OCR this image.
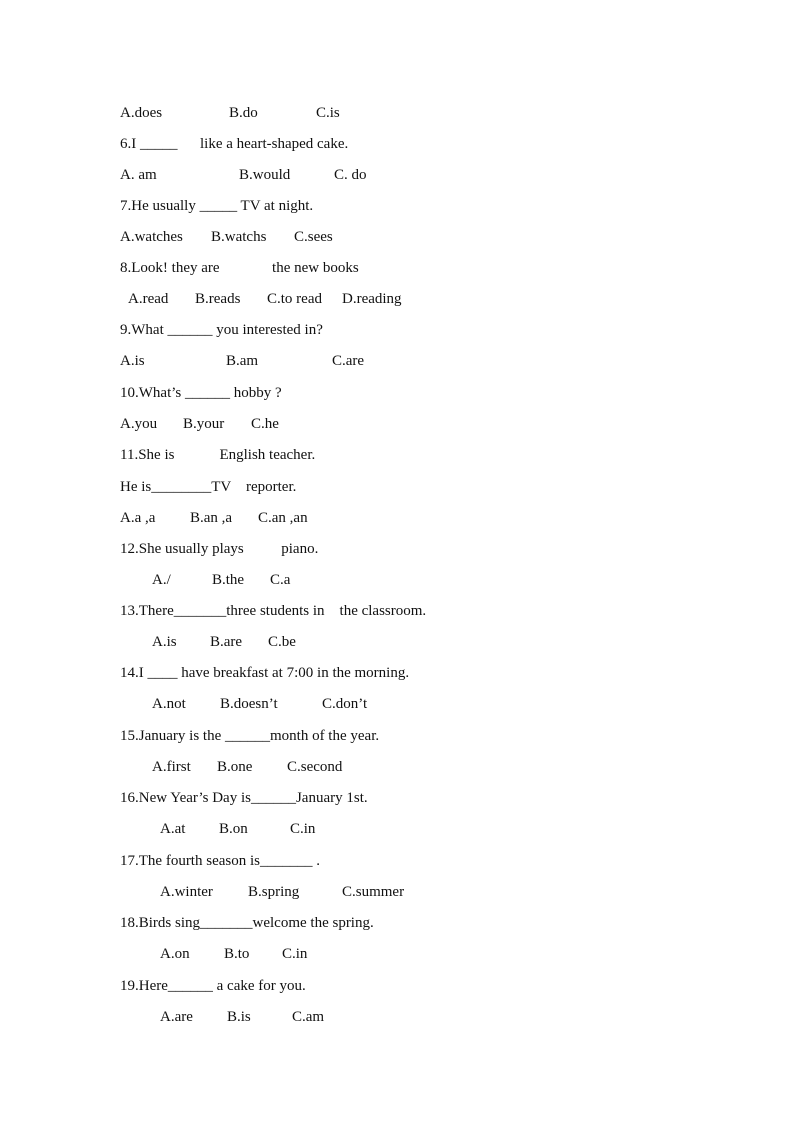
A.does	B.do	C.is
6.I _____      like a heart-shaped cake.
A. am	B.would	C. do
7.He usually _____ TV at night.
A.watches B.watchs C.sees
8.Look! they are              the new books
A.read B.reads C.to read D.reading
9.What ______ you interested in?
A.is	B.am	C.are
10.What’s ______ hobby ?
A.you B.your C.he
11.She is            English teacher.
He is________TV    reporter.
A.a ,a B.an ,a C.an ,an
12.She usually plays          piano.
A./	B.the C.a
13.There_______three students in    the classroom.
A.is B.are C.be
14.I ____ have breakfast at 7:00 in the morning.
A.not B.doesn’t	C.don’t
15.January is the ______month of the year.
A.first B.one C.second
16.New Year’s Day is______January 1st.
A.at B.on	C.in
17.The fourth season is_______ .
A.winter B.spring	C.summer
18.Birds sing_______welcome the spring.
A.on B.to C.in
19.Here______ a cake for you.
A.are B.is	C.am
